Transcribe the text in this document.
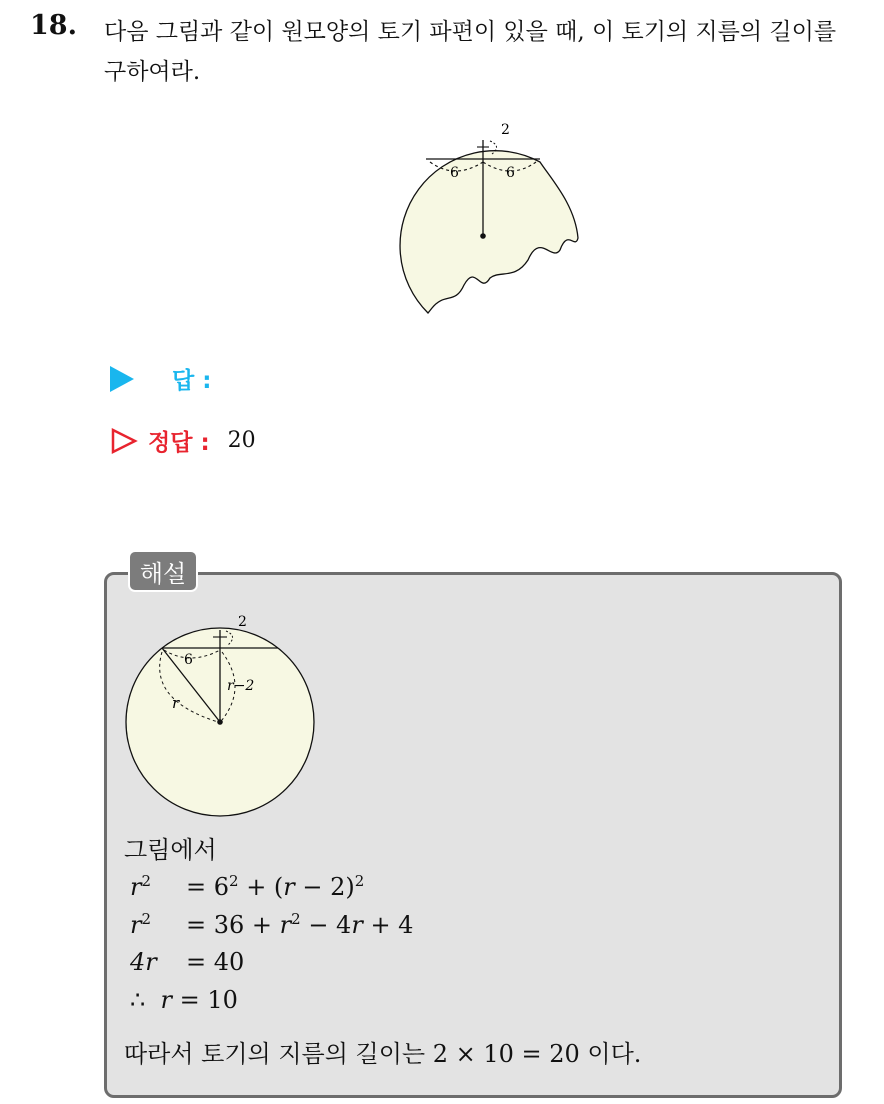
18. 다음 그림과 같이 원모양의 토기 파편이 있을 때, 이 토기의 지름의 길이를 구하여라.
2
6	6
답 :
정답 : 20
해설
2
6
r−2
r
그림에서
$r^2 = 6^2 + (r - 2)^2$
$r^2 = 36 + r^2 - 4r + 4$
4r = 40
∴  r = 10
따라서 토기의 지름의 길이는 2 × 10 = 20 이다.
